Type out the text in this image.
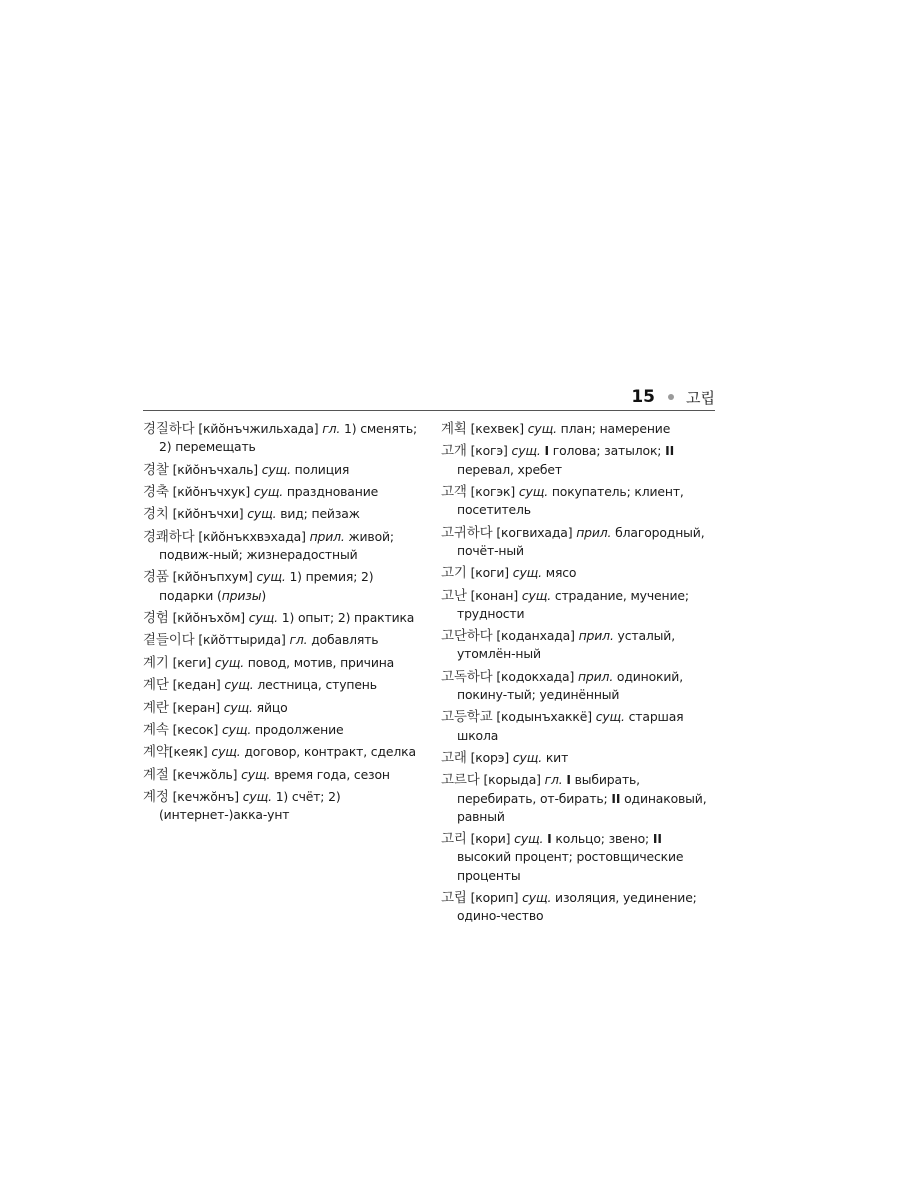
15 고립
경질하다 [кйо̆нъчжильхада] гл. 1) сменять; 2) перемещать
경찰 [кйо̆нъчхаль] сущ. полиция
경축 [кйо̆нъчхук] сущ. празднование
경치 [кйо̆нъчхи] сущ. вид; пейзаж
경쾌하다 [кйо̆нъкхвэхада] прил. живой; подвиж-ный; жизнерадостный
경품 [кйо̆нъпхум] сущ. 1) премия; 2) подарки (призы)
경험 [кйо̆нъхо̆м] сущ. 1) опыт; 2) практика
곁들이다 [кйо̆ттырида] гл. добавлять
계기 [кеги] сущ. повод, мотив, причина
계단 [кедан] сущ. лестница, ступень
계란 [керан] сущ. яйцо
계속 [кесок] сущ. продолжение
계약[кеяк] сущ. договор, контракт, сделка
계절 [кечжо̆ль] сущ. время года, сезон
계정 [кечжо̆нъ] сущ. 1) счёт; 2) (интернет-)акка-унт
계획 [кехвек] сущ. план; намерение
고개 [когэ] сущ. I голова; затылок; II перевал, хребет
고객 [когэк] сущ. покупатель; клиент, посетитель
고귀하다 [когвихада] прил. благородный, почёт-ный
고기 [коги] сущ. мясо
고난 [конан] сущ. страдание, мучение; трудности
고단하다 [коданхада] прил. усталый, утомлён-ный
고독하다 [кодокхада] прил. одинокий, покину-тый; уединённый
고등학교 [кодынъхаккё] сущ. старшая школа
고래 [корэ] сущ. кит
고르다 [корыда] гл. I выбирать, перебирать, от-бирать; II одинаковый, равный
고리 [кори] сущ. I кольцо; звено; II высокий процент; ростовщические проценты
고립 [корип] сущ. изоляция, уединение; одино-чество
